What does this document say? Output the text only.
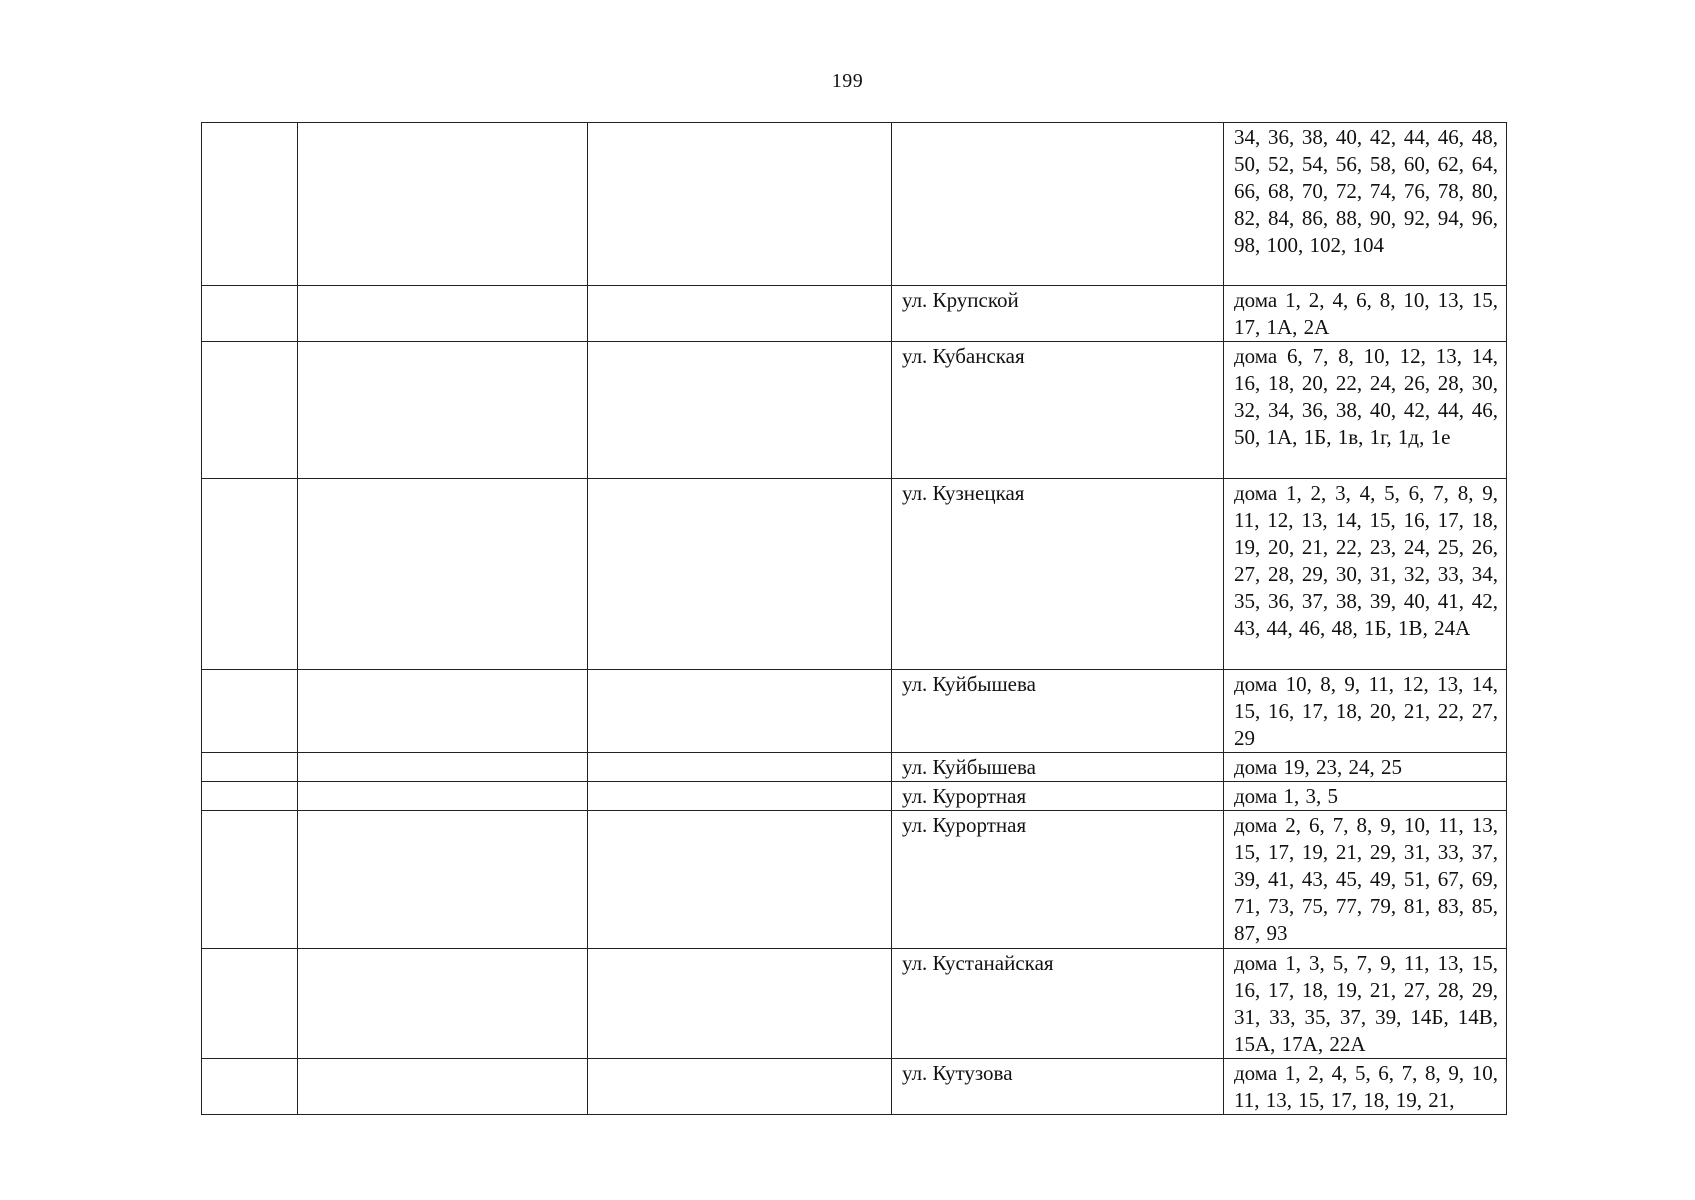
199
				34, 36, 38, 40, 42, 44, 46, 48, 50, 52, 54, 56, 58, 60, 62, 64, 66, 68, 70, 72, 74, 76, 78, 80, 82, 84, 86, 88, 90, 92, 94, 96, 98, 100, 102, 104
			ул. Крупской	дома 1, 2, 4, 6, 8, 10, 13, 15, 17, 1А, 2А
			ул. Кубанская	дома 6, 7, 8, 10, 12, 13, 14, 16, 18, 20, 22, 24, 26, 28, 30, 32, 34, 36, 38, 40, 42, 44, 46, 50, 1А, 1Б, 1в, 1г, 1д, 1е
			ул. Кузнецкая	дома 1, 2, 3, 4, 5, 6, 7, 8, 9, 11, 12, 13, 14, 15, 16, 17, 18, 19, 20, 21, 22, 23, 24, 25, 26, 27, 28, 29, 30, 31, 32, 33, 34, 35, 36, 37, 38, 39, 40, 41, 42, 43, 44, 46, 48, 1Б, 1В, 24А
			ул. Куйбышева	дома 10, 8, 9, 11, 12, 13, 14, 15, 16, 17, 18, 20, 21, 22, 27, 29
			ул. Куйбышева	дома 19, 23, 24, 25
			ул. Курортная	дома 1, 3, 5
			ул. Курортная	дома 2, 6, 7, 8, 9, 10, 11, 13, 15, 17, 19, 21, 29, 31, 33, 37, 39, 41, 43, 45, 49, 51, 67, 69, 71, 73, 75, 77, 79, 81, 83, 85, 87, 93
			ул. Кустанайская	дома 1, 3, 5, 7, 9, 11, 13, 15, 16, 17, 18, 19, 21, 27, 28, 29, 31, 33, 35, 37, 39, 14Б, 14В, 15А, 17А, 22А
			ул. Кутузова	дома 1, 2, 4, 5, 6, 7, 8, 9, 10, 11, 13, 15, 17, 18, 19, 21,
